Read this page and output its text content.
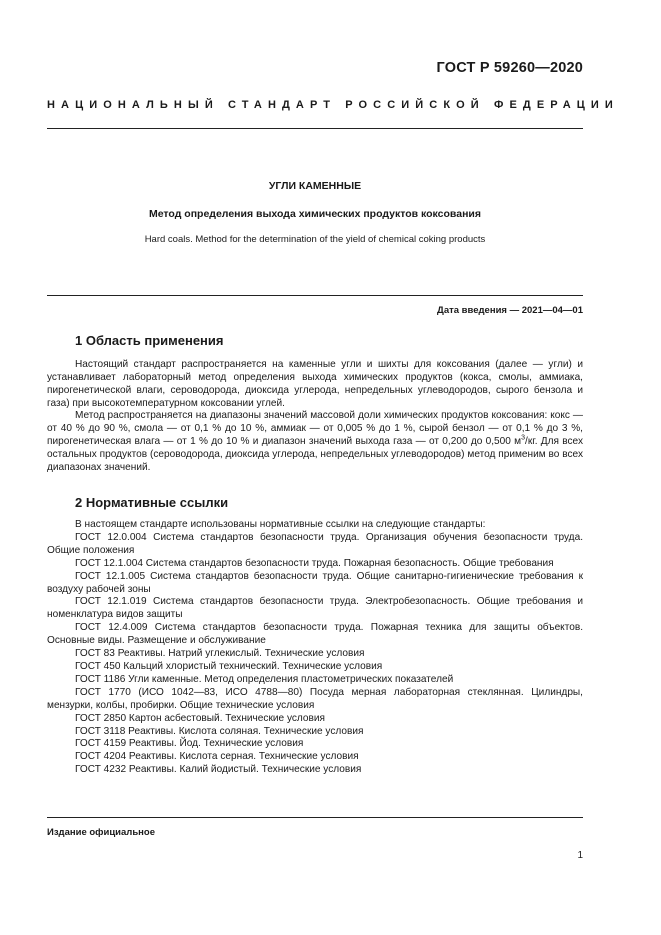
ГОСТ Р 59260—2020
НАЦИОНАЛЬНЫЙ СТАНДАРТ РОССИЙСКОЙ ФЕДЕРАЦИИ
УГЛИ КАМЕННЫЕ
Метод определения выхода химических продуктов коксования
Hard coals. Method for the determination of the yield of chemical coking products
Дата введения — 2021—04—01
1 Область применения
Настоящий стандарт распространяется на каменные угли и шихты для коксования (далее — угли) и устанавливает лабораторный метод определения выхода химических продуктов (кокса, смолы, аммиака, пирогенетической влаги, сероводорода, диоксида углерода, непредельных углеводородов, сырого бензола и газа) при высокотемпературном коксовании углей.
Метод распространяется на диапазоны значений массовой доли химических продуктов коксования: кокс — от 40 % до 90 %, смола — от 0,1 % до 10 %, аммиак — от 0,005 % до 1 %, сырой бензол — от 0,1 % до 3 %, пирогенетическая влага — от 1 % до 10 % и диапазон значений выхода газа — от 0,200 до 0,500 $м^3/кг$. Для всех остальных продуктов (сероводорода, диоксида углерода, непредельных углеводородов) метод применим во всех диапазонах значений.
2 Нормативные ссылки
В настоящем стандарте использованы нормативные ссылки на следующие стандарты:
ГОСТ 12.0.004 Система стандартов безопасности труда. Организация обучения безопасности труда. Общие положения
ГОСТ 12.1.004 Система стандартов безопасности труда. Пожарная безопасность. Общие требования
ГОСТ 12.1.005 Система стандартов безопасности труда. Общие санитарно-гигиенические требования к воздуху рабочей зоны
ГОСТ 12.1.019 Система стандартов безопасности труда. Электробезопасность. Общие требования и номенклатура видов защиты
ГОСТ 12.4.009 Система стандартов безопасности труда. Пожарная техника для защиты объектов. Основные виды. Размещение и обслуживание
ГОСТ 83 Реактивы. Натрий углекислый. Технические условия
ГОСТ 450 Кальций хлористый технический. Технические условия
ГОСТ 1186 Угли каменные. Метод определения пластометрических показателей
ГОСТ 1770 (ИСО 1042—83, ИСО 4788—80) Посуда мерная лабораторная стеклянная. Цилиндры, мензурки, колбы, пробирки. Общие технические условия
ГОСТ 2850 Картон асбестовый. Технические условия
ГОСТ 3118 Реактивы. Кислота соляная. Технические условия
ГОСТ 4159 Реактивы. Йод. Технические условия
ГОСТ 4204 Реактивы. Кислота серная. Технические условия
ГОСТ 4232 Реактивы. Калий йодистый. Технические условия
Издание официальное
1
